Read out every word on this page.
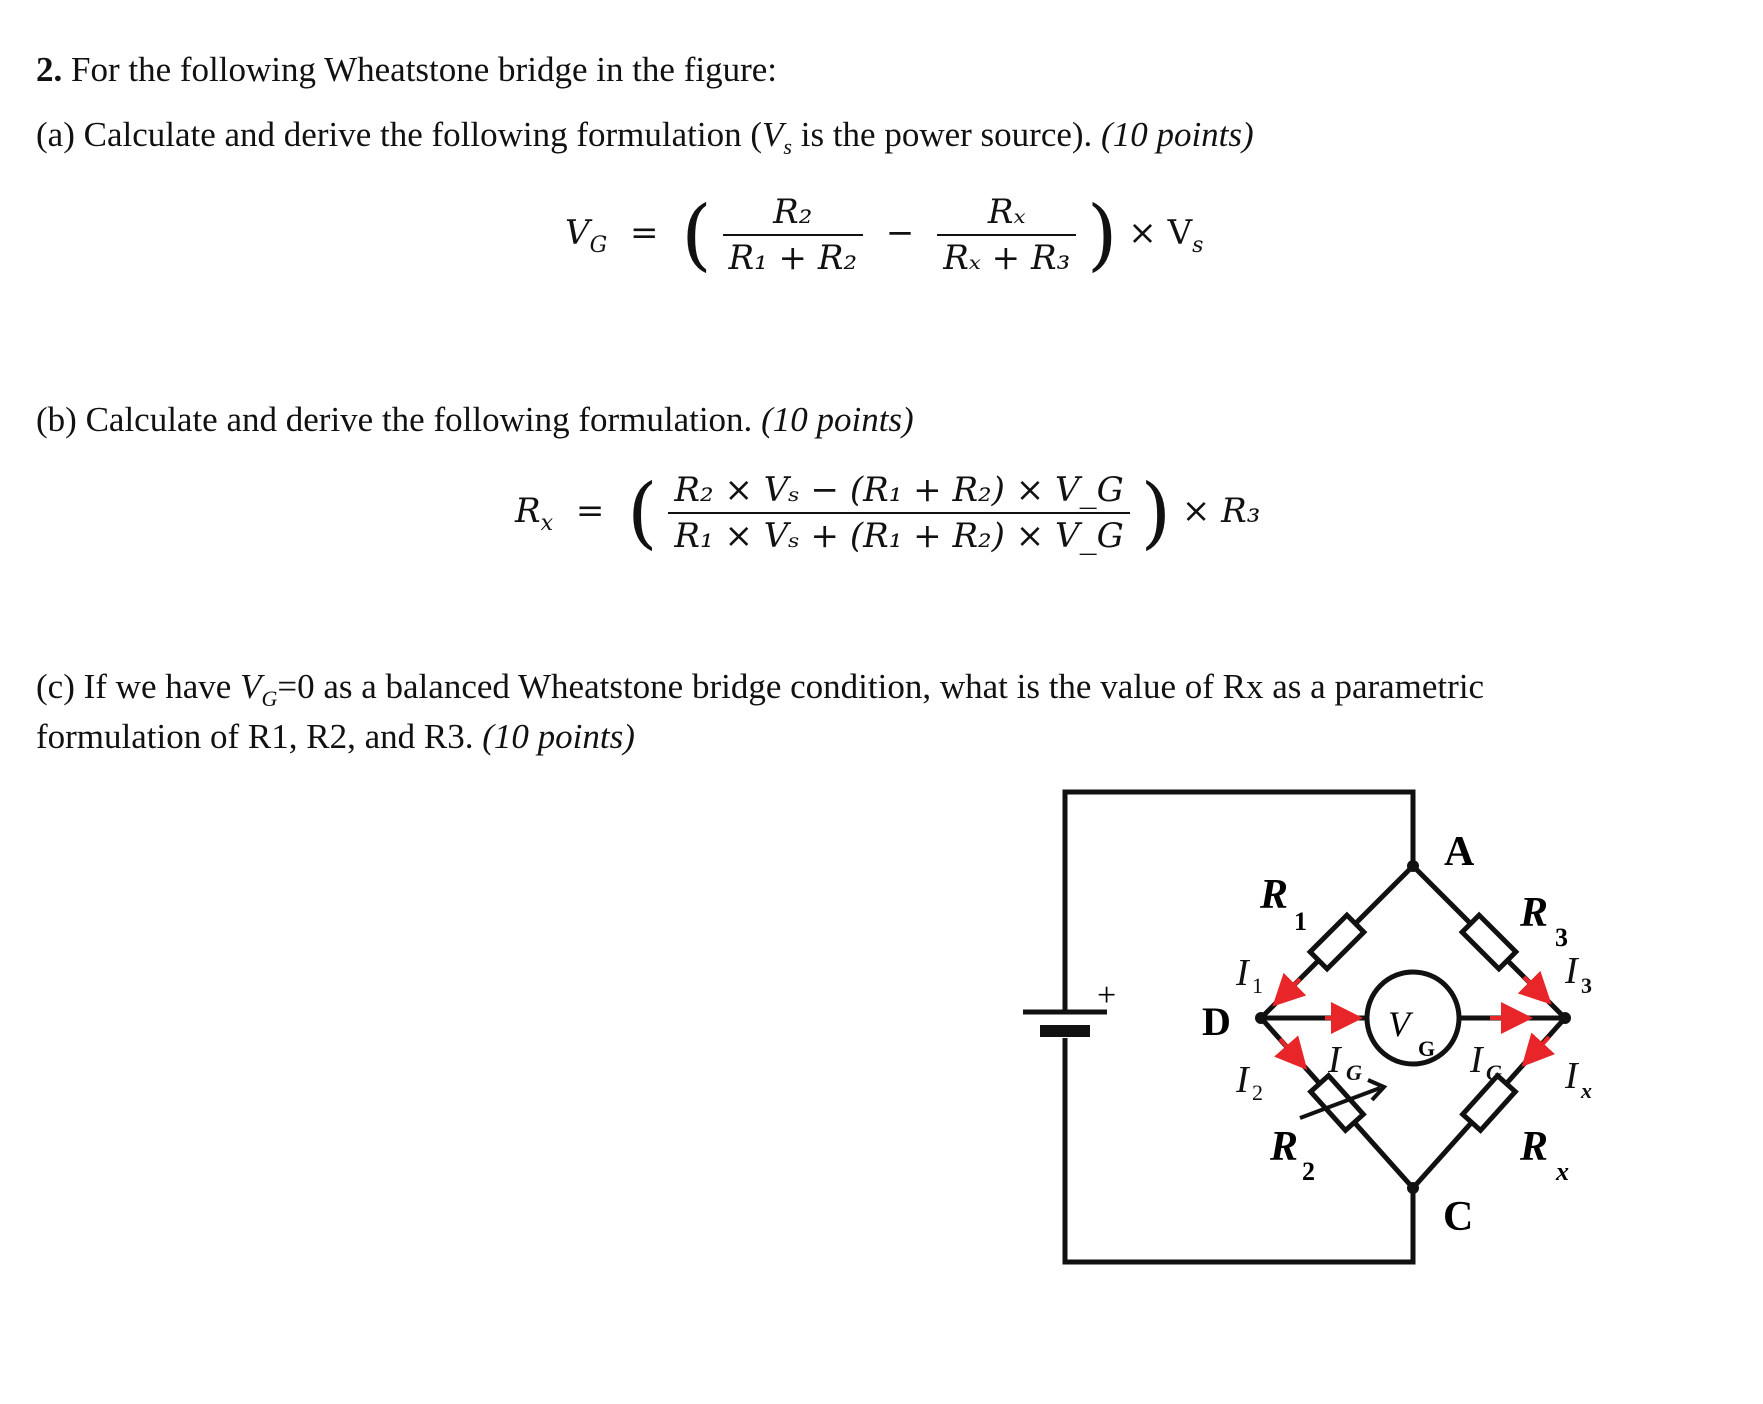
2. For the following Wheatstone bridge in the figure:
(a) Calculate and derive the following formulation ($V_s$ is the power source). (10 points)
$V_G$ = ( $\frac{\text{R₂}}{\text{R₁ + R₂}} - \frac{\text{Rₓ}}{\text{Rₓ + R₃}}$ ) × $V_s$
(b) Calculate and derive the following formulation. (10 points)
$R_x$ = ( $\frac{\text{R₂ × Vₛ − (R₁ + R₂) × V\_G}}{\text{R₁ × Vₛ + (R₁ + R₂) × V\_G}}$ ) × R₃
(c) If we have $V_G=0$ as a balanced Wheatstone bridge condition, what is the value of Rx as a parametric
formulation of R1, R2, and R3. (10 points)
+
V
G
A
D
C
R
1	R
3
R
2
R
x
I 1
I 2
I G	I G
I 3
I x
